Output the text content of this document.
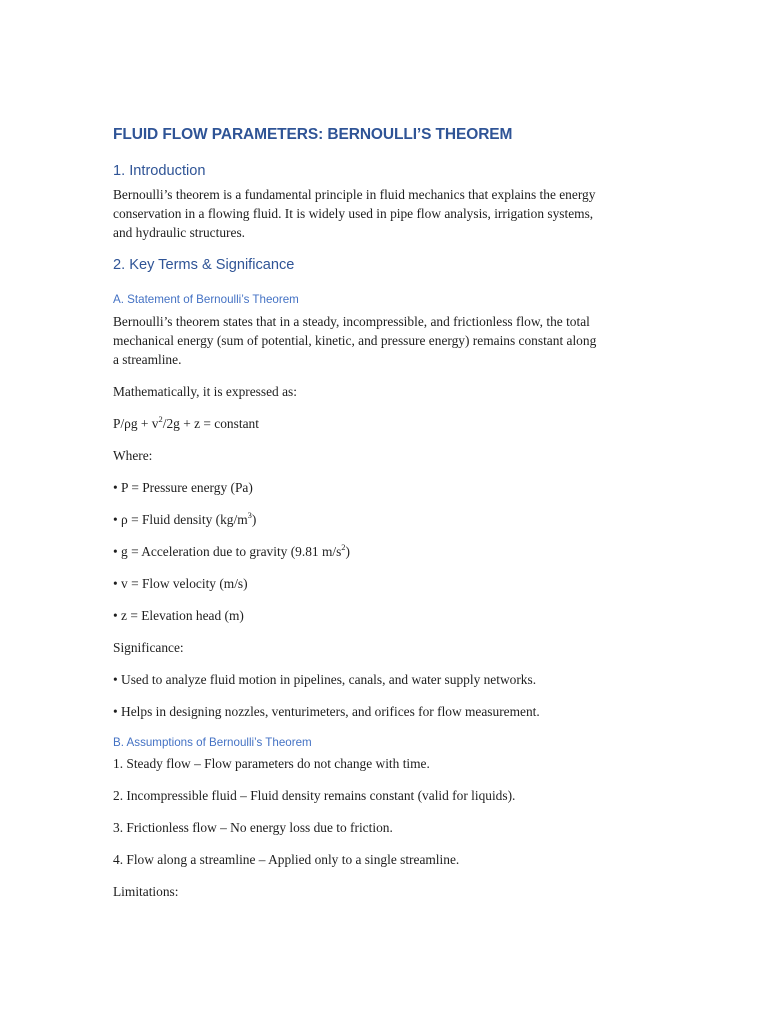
FLUID FLOW PARAMETERS: BERNOULLI’S THEOREM
1. Introduction

Bernoulli’s theorem is a fundamental principle in fluid mechanics that explains the energy
conservation in a flowing fluid. It is widely used in pipe flow analysis, irrigation systems,
and hydraulic structures.

2. Key Terms & Significance
A. Statement of Bernoulli’s Theorem

Bernoulli’s theorem states that in a steady, incompressible, and frictionless flow, the total
mechanical energy (sum of potential, kinetic, and pressure energy) remains constant along
a streamline.

Mathematically, it is expressed as:

$P/\rho g + v^2/2g + z$ = constant

Where:

• P = Pressure energy (Pa)

• ρ = Fluid density $(kg/m^3)$

• g = Acceleration due to gravity (9.81 $m/s^2$)

• v = Flow velocity (m/s)

• z = Elevation head (m)

Significance:

• Used to analyze fluid motion in pipelines, canals, and water supply networks.

• Helps in designing nozzles, venturimeters, and orifices for flow measurement.

B. Assumptions of Bernoulli’s Theorem

1. Steady flow – Flow parameters do not change with time.

2. Incompressible fluid – Fluid density remains constant (valid for liquids).

3. Frictionless flow – No energy loss due to friction.

4. Flow along a streamline – Applied only to a single streamline.

Limitations:
